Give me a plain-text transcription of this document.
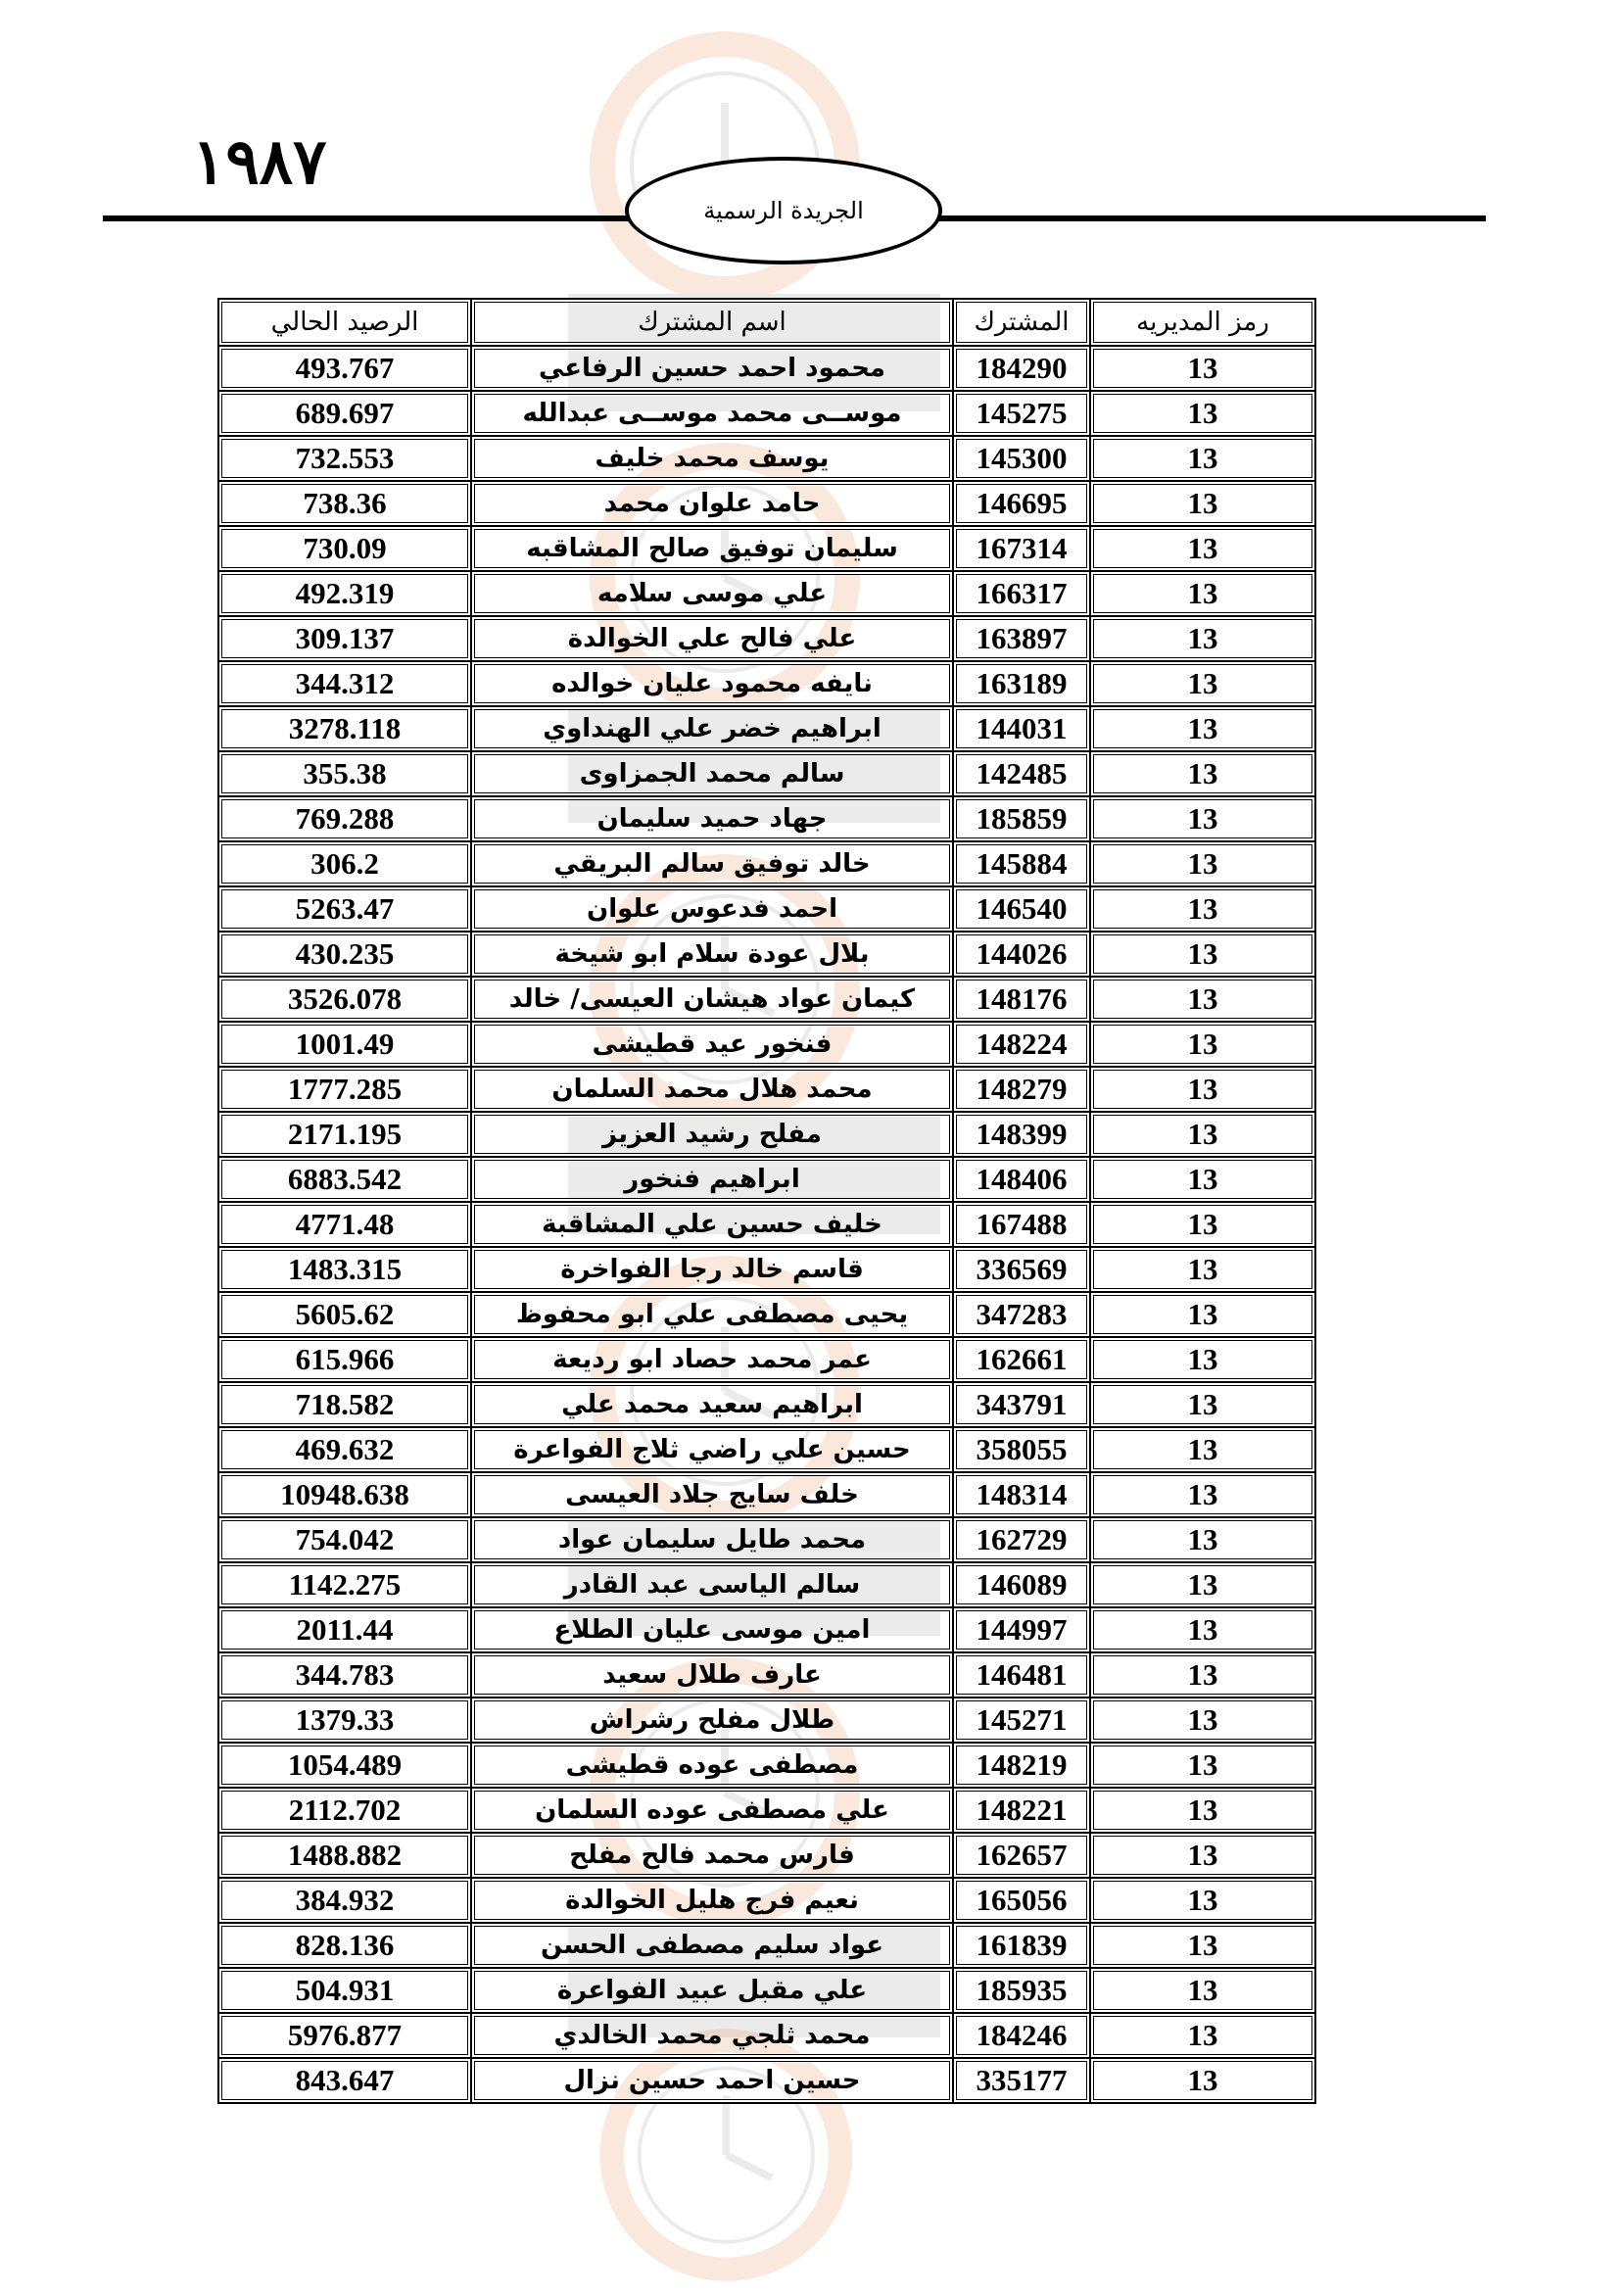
١٩٨٧
الجريدة الرسمية
رمز المديريه	المشترك	اسم المشترك	الرصيد الحالي
13	184290	محمود احمد حسين الرفاعي	493.767
13	145275	موســى محمد موســى عبدالله	689.697
13	145300	يوسف محمد خليف	732.553
13	146695	حامد علوان محمد	738.36
13	167314	سليمان توفيق صالح المشاقبه	730.09
13	166317	علي موسى سلامه	492.319
13	163897	علي فالح علي الخوالدة	309.137
13	163189	نايفه محمود عليان خوالده	344.312
13	144031	ابراهيم خضر علي الهنداوي	3278.118
13	142485	سالم محمد الجمزاوى	355.38
13	185859	جهاد حميد سليمان	769.288
13	145884	خالد توفيق سالم البريقي	306.2
13	146540	احمد فدعوس علوان	5263.47
13	144026	بلال عودة سلام ابو شيخة	430.235
13	148176	كيمان عواد هيشان العيسى/ خالد	3526.078
13	148224	فنخور عيد قطيشى	1001.49
13	148279	محمد هلال محمد السلمان	1777.285
13	148399	مفلح رشيد العزيز	2171.195
13	148406	ابراهيم فنخور	6883.542
13	167488	خليف حسين علي المشاقبة	4771.48
13	336569	قاسم خالد رجا الفواخرة	1483.315
13	347283	يحيى مصطفى علي ابو محفوظ	5605.62
13	162661	عمر محمد حصاد ابو رديعة	615.966
13	343791	ابراهيم سعيد محمد علي	718.582
13	358055	حسين علي راضي ثلاج الفواعرة	469.632
13	148314	خلف سايج جلاد العيسى	10948.638
13	162729	محمد طايل سليمان عواد	754.042
13	146089	سالم الياسى عبد القادر	1142.275
13	144997	امين موسى عليان الطلاع	2011.44
13	146481	عارف طلال سعيد	344.783
13	145271	طلال مفلح رشراش	1379.33
13	148219	مصطفى عوده قطيشى	1054.489
13	148221	علي مصطفى عوده السلمان	2112.702
13	162657	فارس محمد فالح مفلح	1488.882
13	165056	نعيم فرج هليل الخوالدة	384.932
13	161839	عواد سليم مصطفى الحسن	828.136
13	185935	علي مقبل عبيد الفواعرة	504.931
13	184246	محمد ثلجي محمد الخالدي	5976.877
13	335177	حسين احمد حسين نزال	843.647
